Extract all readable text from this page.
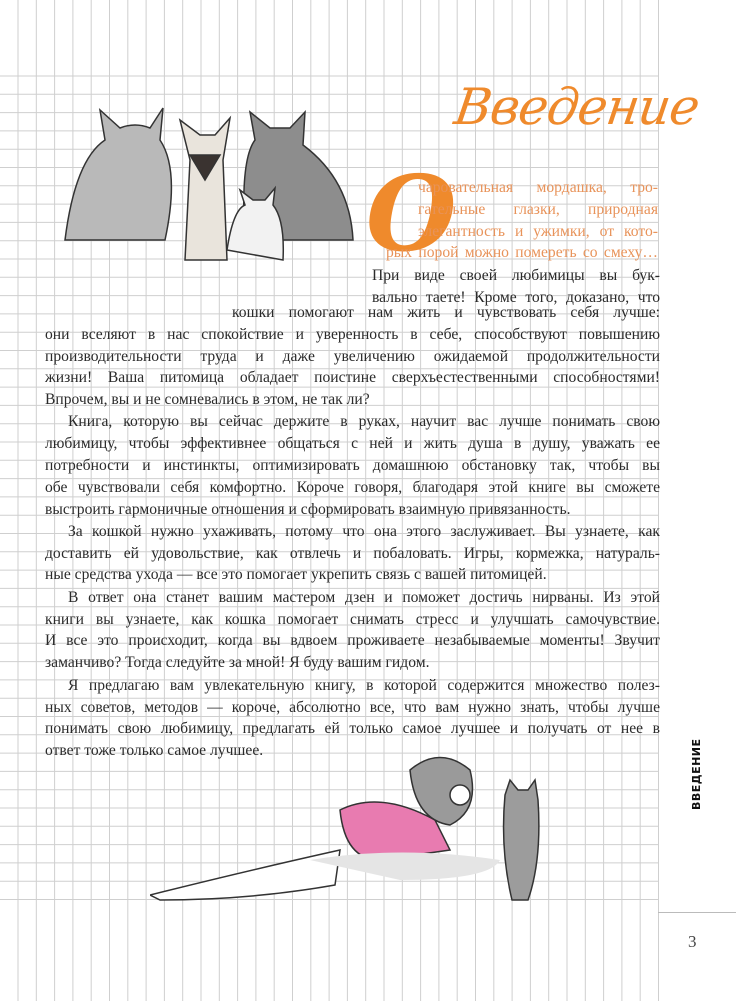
Введение
О
чаровательная мордашка, тро-
гательные глазки, природная
элегантность и ужимки, от кото-
рых порой можно помереть со смеху…
При виде своей любимицы вы бук-
вально таете! Кроме того, доказано, что
кошки помогают нам жить и чувствовать себя лучше:
они вселяют в нас спокойствие и уверенность в себе, способствуют повышению
производительности труда и даже увеличению ожидаемой продолжительности
жизни! Ваша питомица обладает поистине сверхъестественными способностями!
Впрочем, вы и не сомневались в этом, не так ли?
Книга, которую вы сейчас держите в руках, научит вас лучше понимать свою
любимицу, чтобы эффективнее общаться с ней и жить душа в душу, уважать ее
потребности и инстинкты, оптимизировать домашнюю обстановку так, чтобы вы
обе чувствовали себя комфортно. Короче говоря, благодаря этой книге вы сможете
выстроить гармоничные отношения и сформировать взаимную привязанность.
За кошкой нужно ухаживать, потому что она этого заслуживает. Вы узнаете, как
доставить ей удовольствие, как отвлечь и побаловать. Игры, кормежка, натураль-
ные средства ухода — все это помогает укрепить связь с вашей питомицей.
В ответ она станет вашим мастером дзен и поможет достичь нирваны. Из этой
книги вы узнаете, как кошка помогает снимать стресс и улучшать самочувствие.
И все это происходит, когда вы вдвоем проживаете незабываемые моменты! Звучит
заманчиво? Тогда следуйте за мной! Я буду вашим гидом.
Я предлагаю вам увлекательную книгу, в которой содержится множество полез-
ных советов, методов — короче, абсолютно все, что вам нужно знать, чтобы лучше
понимать свою любимицу, предлагать ей только самое лучшее и получать от нее в
ответ тоже только самое лучшее.	ВВЕДЕНИЕ
3
